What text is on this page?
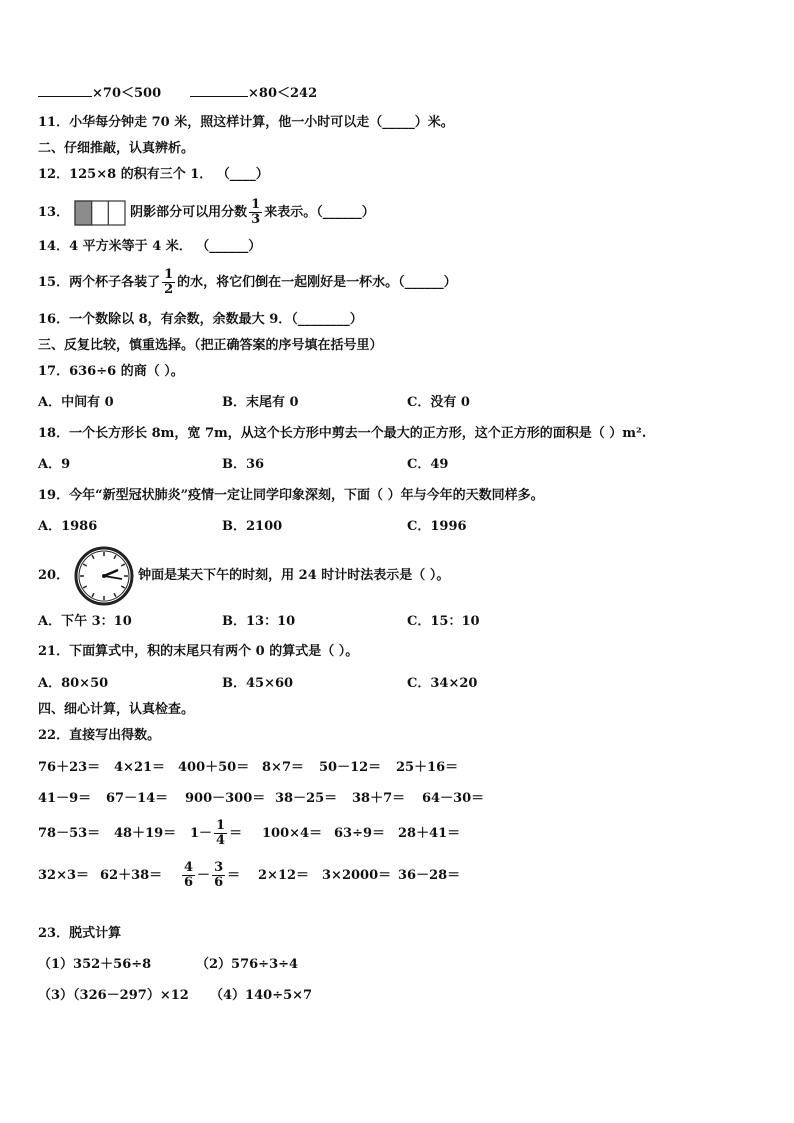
×70＜500	×80＜242
11．小华每分钟走 70 米，照这样计算，他一小时可以走（_____）米。
二、仔细推敲，认真辨析。
12．125×8 的积有三个 1． （____）
13．	阴影部分可以用分数 $\frac{1}{3}$ 来表示。（______）
14．4 平方米等于 4 米． （______）
15．两个杯子各装了 $\frac{1}{2}$ 的水，将它们倒在一起刚好是一杯水。（______）
16．一个数除以 8，有余数，余数最大 9．（________）
三、反复比较，慎重选择。（把正确答案的序号填在括号里）
17．636÷6 的商（ ）。
A．中间有 0	B．末尾有 0	C．没有 0
18．一个长方形长 8m，宽 7m，从这个长方形中剪去一个最大的正方形，这个正方形的面积是（ ）m².
A．9	B．36	C．49
19．今年“新型冠状肺炎”疫情一定让同学印象深刻，下面（ ）年与今年的天数同样多。
A．1986	B．2100	C．1996
20．	钟面是某天下午的时刻，用 24 时计时法表示是（ ）。
A．下午 3：10	B．13：10	C．15：10
21．下面算式中，积的末尾只有两个 0 的算式是（ ）。
A．80×50	B．45×60	C．34×20
四、细心计算，认真检查。
22．直接写出得数。
76＋23＝ 4×21＝ 400＋50＝ 8×7＝ 50－12＝ 25＋16＝
41－9＝ 67－14＝ 900－300＝ 38－25＝ 38＋7＝ 64－30＝
$78-53= 48+19= 1- \frac{1}{4} = 100\times 4= 63\div 9= 28+41=$
$32\times 3= 62+38= \frac{4}{6} - \frac{3}{6} = 2\times 12= 3\times 2000= 36-28=$
23．脱式计算
（1）352＋56÷8	（2）576÷3÷4
（3）（326－297）×12 （4）140÷5×7
